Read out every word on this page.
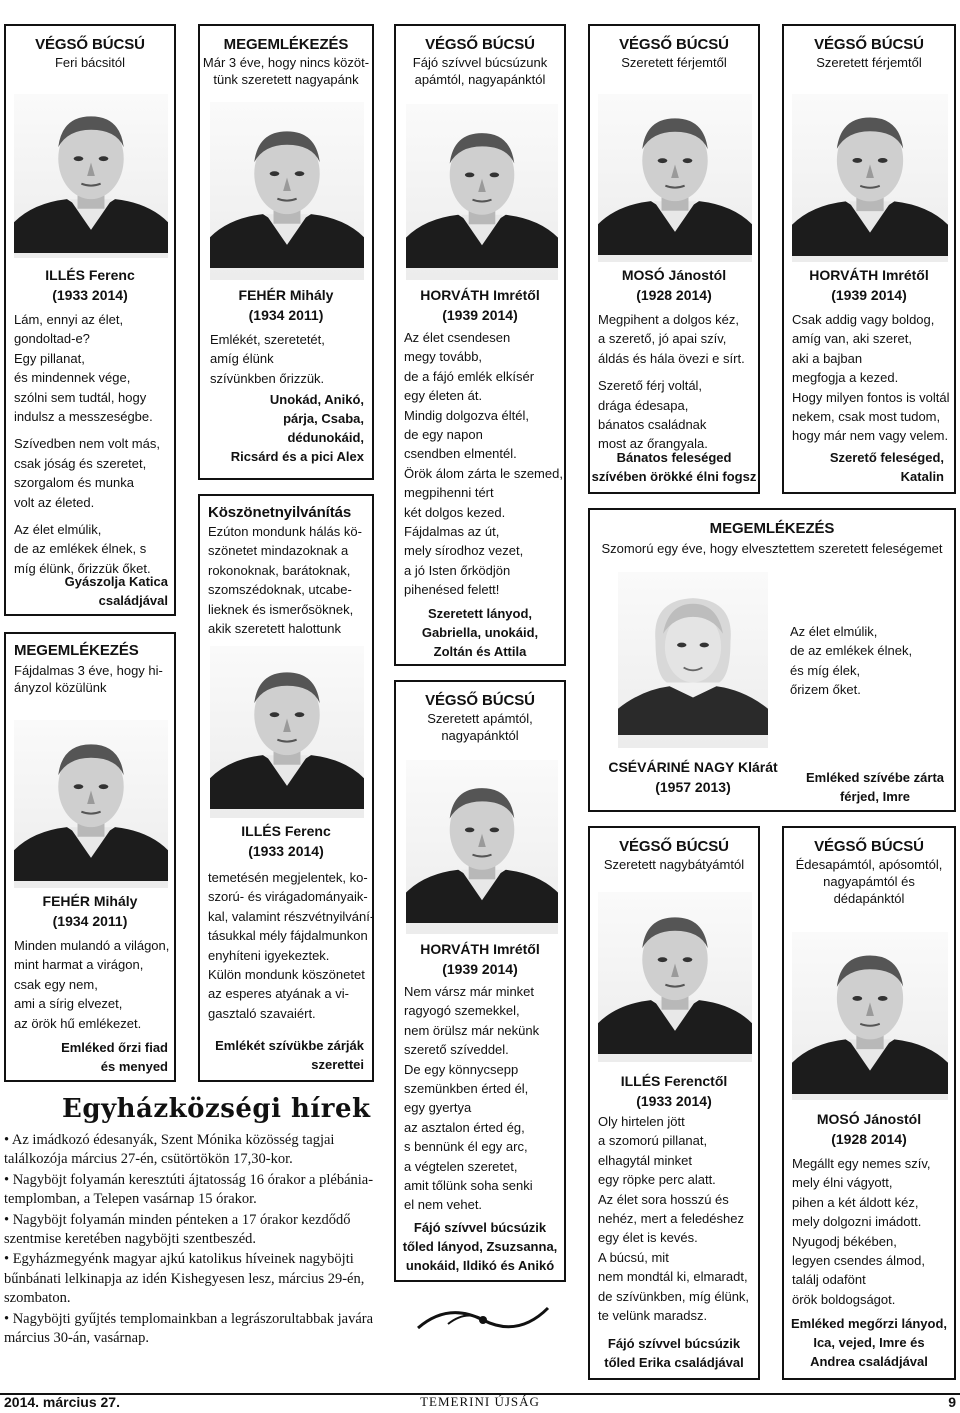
VÉGSŐ BÚCSÚ
Feri bácsitól
ILLÉS Ferenc
(1933 2014)
Lám, ennyi az élet,
gondoltad-e?
Egy pillanat,
és mindennek vége,
szólni sem tudtál, hogy
indulsz a messzeségbe.
Szívedben nem volt más,
csak jóság és szeretet,
szorgalom és munka
volt az életed.
Az élet elmúlik,
de az emlékek élnek, s
míg élünk, őrizzük őket.
Gyászolja Katica
családjával
MEGEMLÉKEZÉS
Fájdalmas 3 éve, hogy hi-
ányzol közülünk
FEHÉR Mihály
(1934 2011)
Minden mulandó a világon,
mint harmat a virágon,
csak egy nem,
ami a sírig elvezet,
az örök hű emlékezet.
Emléked őrzi fiad
és menyed
MEGEMLÉKEZÉS
Már 3 éve, hogy nincs közöt-
tünk szeretett nagyapánk
FEHÉR Mihály
(1934 2011)
Emlékét, szeretetét,
amíg élünk
szívünkben őrizzük.
Unokád, Anikó,
párja, Csaba,
dédunokáid,
Ricsárd és a pici Alex
Köszönetnyilvánítás
Ezúton mondunk hálás kö-
szönetet mindazoknak a
rokonoknak, barátoknak,
szomszédoknak, utcabe-
lieknek és ismerősöknek,
akik szeretett halottunk
ILLÉS Ferenc
(1933 2014)
temetésén megjelentek, ko-
szorú- és virágadományaik-
kal, valamint részvétnyilvání-
tásukkal mély fájdalmunkon
enyhíteni igyekeztek.
Külön mondunk köszönetet
az esperes atyának a vi-
gasztaló szavaiért.
Emlékét szívükbe zárják
szerettei
VÉGSŐ BÚCSÚ
Fájó szívvel búcsúzunk
apámtól, nagyapánktól
HORVÁTH Imrétől
(1939 2014)
Az élet csendesen
megy tovább,
de a fájó emlék elkísér
egy életen át.
Mindig dolgozva éltél,
de egy napon
csendben elmentél.
Örök álom zárta le szemed,
megpihenni tért
két dolgos kezed.
Fájdalmas az út,
mely sírodhoz vezet,
a jó Isten őrködjön
pihenésed felett!
Szeretett lányod,
Gabriella, unokáid,
Zoltán és Attila
VÉGSŐ BÚCSÚ
Szeretett apámtól,
nagyapánktól
HORVÁTH Imrétől
(1939 2014)
Nem vársz már minket
ragyogó szemekkel,
nem örülsz már nekünk
szerető szíveddel.
De egy könnycsepp
szemünkben érted él,
egy gyertya
az asztalon érted ég,
s bennünk él egy arc,
a végtelen szeretet,
amit tőlünk soha senki
el nem vehet.
Fájó szívvel búcsúzik
tőled lányod, Zsuzsanna,
unokáid, Ildikó és Anikó
VÉGSŐ BÚCSÚ
Szeretett férjemtől
MOSÓ Jánostól
(1928 2014)
Megpihent a dolgos kéz,
a szerető, jó apai szív,
áldás és hála övezi e sírt.
Szerető férj voltál,
drága édesapa,
bánatos családnak
most az őrangyala.
Bánatos feleséged
szívében örökké élni fogsz
VÉGSŐ BÚCSÚ
Szeretett férjemtől
HORVÁTH Imrétől
(1939 2014)
Csak addig vagy boldog,
amíg van, aki szeret,
aki a bajban
megfogja a kezed.
Hogy milyen fontos is voltál
nekem, csak most tudom,
hogy már nem vagy velem.
Szerető feleséged,
Katalin
MEGEMLÉKEZÉS
Szomorú egy éve, hogy elvesztettem szeretett feleségemet
Az élet elmúlik,
de az emlékek élnek,
és míg élek,
őrizem őket.
CSÉVÁRINÉ NAGY Klárát
(1957 2013)
Emléked szívébe zárta
férjed, Imre
VÉGSŐ BÚCSÚ
Szeretett nagybátyámtól
ILLÉS Ferenctől
(1933 2014)
Oly hirtelen jött
a szomorú pillanat,
elhagytál minket
egy röpke perc alatt.
Az élet sora hosszú és
nehéz, mert a feledéshez
egy élet is kevés.
A búcsú, mit
nem mondtál ki, elmaradt,
de szívünkben, míg élünk,
te velünk maradsz.
Fájó szívvel búcsúzik
tőled Erika családjával
VÉGSŐ BÚCSÚ
Édesapámtól, apósomtól,
nagyapámtól és
dédapánktól
MOSÓ Jánostól
(1928 2014)
Megállt egy nemes szív,
mely élni vágyott,
pihen a két áldott kéz,
mely dolgozni imádott.
Nyugodj békében,
legyen csendes álmod,
találj odafönt
örök boldogságot.
Emléked megőrzi lányod,
Ica, vejed, Imre és
Andrea családjával
Egyházközségi hírek
• Az imádkozó édesanyák, Szent Mónika közösség tagjai találkozója március 27-én, csütörtökön 17,30-kor.
• Nagyböjt folyamán keresztúti ájtatosság 16 órakor a plébánia-templomban, a Telepen vasárnap 15 órakor.
• Nagyböjt folyamán minden pénteken a 17 órakor kezdődő szentmise keretében nagyböjti szentbeszéd.
• Egyházmegyénk magyar ajkú katolikus híveinek nagyböjti bűnbánati lelkinapja az idén Kishegyesen lesz, március 29-én, szombaton.
• Nagyböjti gyűjtés templomainkban a legrászorultabbak javára március 30-án, vasárnap.
2014. március 27.	TEMERINI ÚJSÁG	9
